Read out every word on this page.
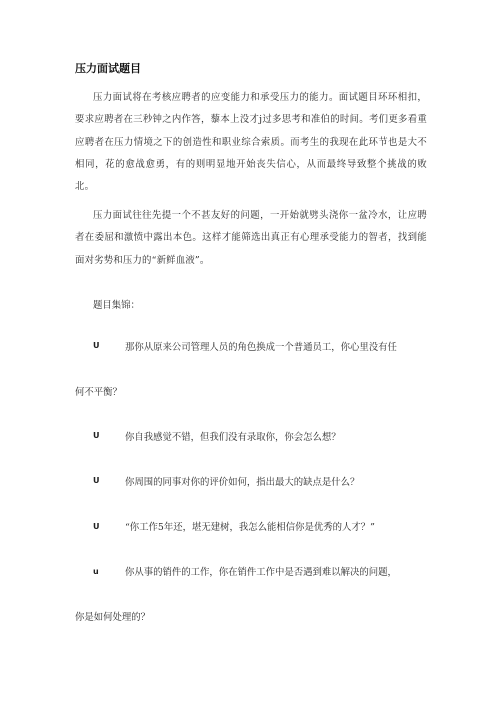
压力面试题目

压力面试将在考核应聘者的应变能力和承受压力的能力。面试题目环环相扣，要求应聘者在三秒钟之内作答，藜本上没才j过多思考和准伯的时间。考们更多看重应聘者在压力情境之下的创造性和职业综合索质。而考生的我现在此环节也是大不相同，花的愈战愈勇，有的则明显地开始丧失信心，从而最终导致整个挑战的败北。

压力面试往往先提一个不甚友好的问题，一开始就劈头浇你一盆冷水，让应聘者在委屈和激愤中露出本色。这样才能筛选出真正有心理承受能力的智者，找到能面对劣势和压力的“新鲜血液”。

题目集锦：
U	那你从原来公司管理人员的角色换成一个普通员工，你心里没有任
何不平衡？
U	你自我感觉不错，但我们没有录取你，你会怎么想？
U	你周围的同事对你的评价如何，指出最大的缺点是什么？
U	“你工作5年还，堪无建树，我怎么能相信你是优秀的人才？”
u	你从事的销件的工作，你在销件工作中是否遇到难以解决的问题，
你是如何处理的？
